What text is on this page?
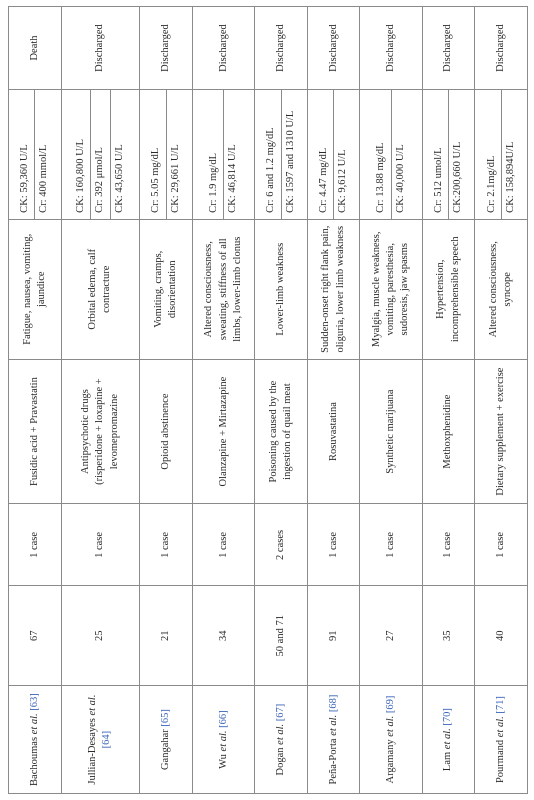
Bachoumas et al. [63]	67	1 case	Fusidic acid + Pravastatin	Fatigue, nausea, vomiting, jaundice	CK: 59,360 U/L Cr: 400 mmol/L	Death
Jullian-Desayes et al. [64]	25	1 case	Antipsychotic drugs (risperidone + loxapine + levomepromazine	Orbital edema, calf contracture	CK: 160,800 U/L Cr: 392 μmol/L CK: 43,650 U/L	Discharged
Gangahar [65]	21	1 case	Opioid abstinence	Vomiting, cramps, disorientation	Cr: 5.05 mg/dL CK: 29,661 U/L	Discharged
Wu et al. [66]	34	1 case	Olanzapine + Mirtazapine	Altered consciousness, sweating, stiffness of all limbs, lower-limb clonus	Cr: 1.9 mg/dL CK: 46,814 U/L	Discharged
Dogan et al. [67]	50 and 71	2 cases	Poisoning caused by the ingestion of quail meat	Lower-limb weakness	Cr: 6 and 1.2 mg/dL CK: 1597 and 1310 U/L	Discharged
Peña-Porta et al. [68]	91	1 case	Rosuvastatina	Sudden-onset right flank pain, oliguria, lower limb weakness	Cr: 4.47 mg/dL CK: 9,612 U/L	Discharged
Argamany et al. [69]	27	1 case	Synthetic marijuana	Myalgia, muscle weakness, vomiting, paresthesia, sudoresis, jaw spasms	Cr: 13.88 mg/dL CK: 40,000 U/L	Discharged
Lam et al. [70]	35	1 case	Methoxphenidine	Hypertension, incomprehensible speech	Cr: 512 umol/L CK:200,660 U/L	Discharged
Pourmand et al. [71]	40	1 case	Dietary supplement + exercise	Altered consciousness, syncope	Cr: 2.1mg/dL CK: 158,894U/L	Discharged
